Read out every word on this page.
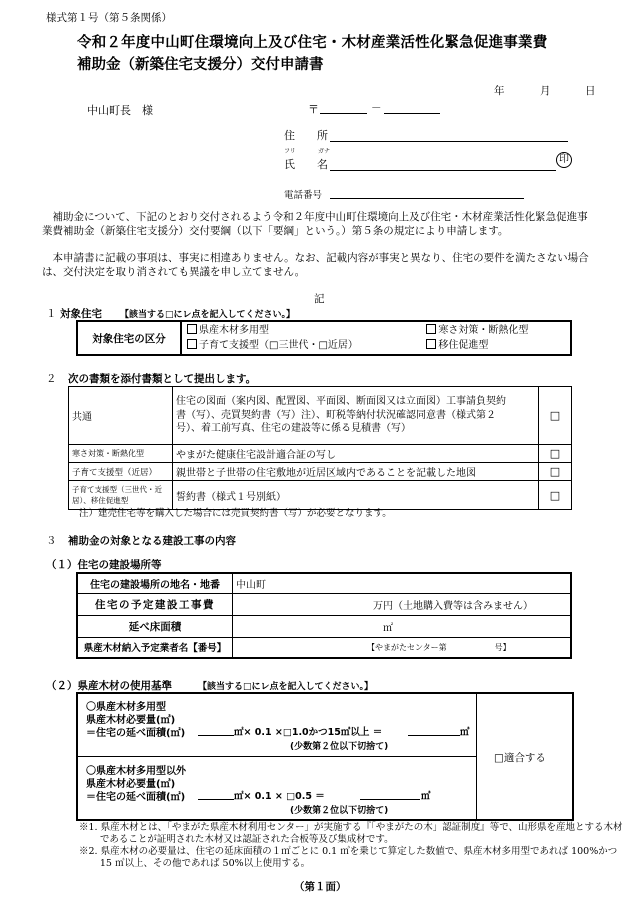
様式第１号（第５条関係）
令和２年度中山町住環境向上及び住宅・木材産業活性化緊急促進事業費
補助金（新築住宅支援分）交付申請書
年	月	日
中山町長　様	〒	－
住　　所
フリ	ガナ
氏　　名	印
電話番号
補助金について、下記のとおり交付されるよう令和２年度中山町住環境向上及び住宅・木材産業活性化緊急促進事業費補助金（新築住宅支援分）交付要綱（以下「要綱」という。）第５条の規定により申請します。
本申請書に記載の事項は、事実に相違ありません。なお、記載内容が事実と異なり、住宅の要件を満たさない場合は、交付決定を取り消されても異議を申し立てません。
記
１ 対象住宅 【該当する□にレ点を記入してください。】
対象住宅の区分	
県産木材多用型
子育て支援型（□三世代・□近居）

寒さ対策・断熱化型
移住促進型
２ 次の書類を添付書類として提出します。
共通	住宅の図面（案内図、配置図、平面図、断面図又は立面図）工事請負契約書（写）、売買契約書（写）注）、町税等納付状況確認同意書（様式第２号）、着工前写真、住宅の建設等に係る見積書（写）	□
寒さ対策・断熱化型	やまがた健康住宅設計適合証の写し	□
子育て支援型（近居）	親世帯と子世帯の住宅敷地が近居区域内であることを記載した地図	□
子育て支援型（三世代・近居）、移住促進型	誓約書（様式１号別紙）	□
注）建売住宅等を購入した場合には売買契約書（写）が必要となります。
３ 補助金の対象となる建設工事の内容
（１）住宅の建設場所等
住宅の建設場所の地名・地番	中山町
住宅の予定建設工事費	万円（土地購入費等は含みません）
延べ床面積	㎡
県産木材納入予定業者名【番号】	【やまがたセンター第　　　　　　号】
（２）県産木材の使用基準	【該当する□にレ点を記入してください。】
〇県産木材多用型
県産木材必要量(㎥)
＝住宅の延べ面積(㎡)	㎡× 0.1 ×□1.0かつ15㎥以上 ＝	㎥
(少数第２位以下切捨て)
〇県産木材多用型以外
県産木材必要量(㎥)
＝住宅の延べ面積(㎡)	㎡× 0.1 × □0.5 ＝	㎥
(少数第２位以下切捨て)
□適合する
※1. 県産木材とは、「やまがた県産木材利用センター」が実施する『「やまがたの木」認証制度』等で、山形県を産地とする木材であることが証明された木材又は認証された合板等及び集成材です。
※2. 県産木材の必要量は、住宅の延床面積の１㎡ごとに 0.1 ㎥を乗じて算定した数値で、県産木材多用型であれば 100%かつ 15 ㎥以上、その他であれば 50%以上使用する。
（第１面）
